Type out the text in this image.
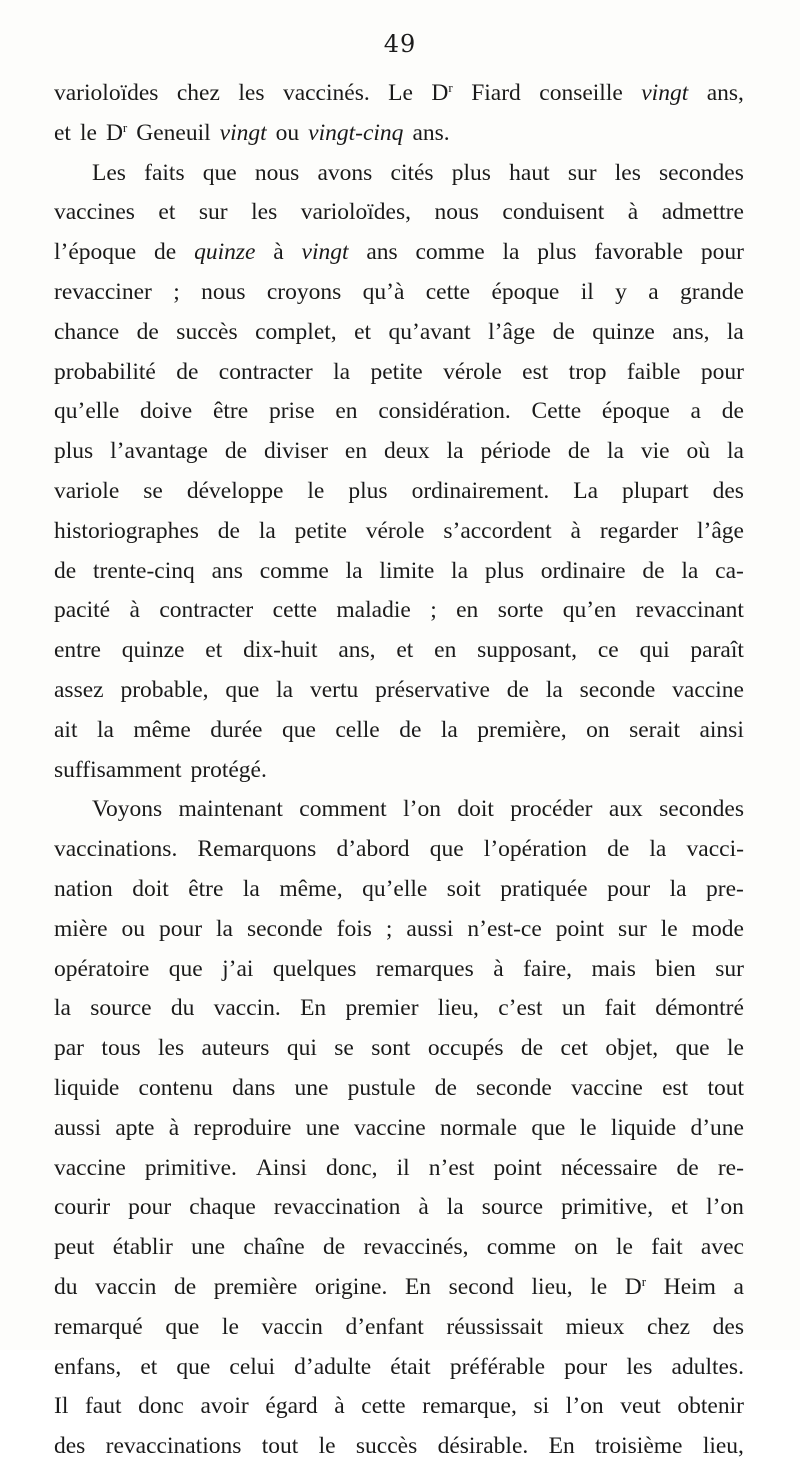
49
varioloïdes chez les vaccinés. Le $D^r$ Fiard conseille vingt ans,
et le $D^r$ Geneuil vingt ou vingt-cinq ans.
Les faits que nous avons cités plus haut sur les secondes
vaccines et sur les varioloïdes, nous conduisent à admettre
l’époque de quinze à vingt ans comme la plus favorable pour
revacciner ; nous croyons qu’à cette époque il y a grande
chance de succès complet, et qu’avant l’âge de quinze ans, la
probabilité de contracter la petite vérole est trop faible pour
qu’elle doive être prise en considération. Cette époque a de
plus l’avantage de diviser en deux la période de la vie où la
variole se développe le plus ordinairement. La plupart des
historiographes de la petite vérole s’accordent à regarder l’âge
de trente-cinq ans comme la limite la plus ordinaire de la ca-
pacité à contracter cette maladie ; en sorte qu’en revaccinant
entre quinze et dix-huit ans, et en supposant, ce qui paraît
assez probable, que la vertu préservative de la seconde vaccine
ait la même durée que celle de la première, on serait ainsi
suffisamment protégé.
Voyons maintenant comment l’on doit procéder aux secondes
vaccinations. Remarquons d’abord que l’opération de la vacci-
nation doit être la même, qu’elle soit pratiquée pour la pre-
mière ou pour la seconde fois ; aussi n’est-ce point sur le mode
opératoire que j’ai quelques remarques à faire, mais bien sur
la source du vaccin. En premier lieu, c’est un fait démontré
par tous les auteurs qui se sont occupés de cet objet, que le
liquide contenu dans une pustule de seconde vaccine est tout
aussi apte à reproduire une vaccine normale que le liquide d’une
vaccine primitive. Ainsi donc, il n’est point nécessaire de re-
courir pour chaque revaccination à la source primitive, et l’on
peut établir une chaîne de revaccinés, comme on le fait avec
du vaccin de première origine. En second lieu, le $D^r$ Heim a
remarqué que le vaccin d’enfant réussissait mieux chez des
enfans, et que celui d’adulte était préférable pour les adultes.
Il faut donc avoir égard à cette remarque, si l’on veut obtenir
des revaccinations tout le succès désirable. En troisième lieu,
